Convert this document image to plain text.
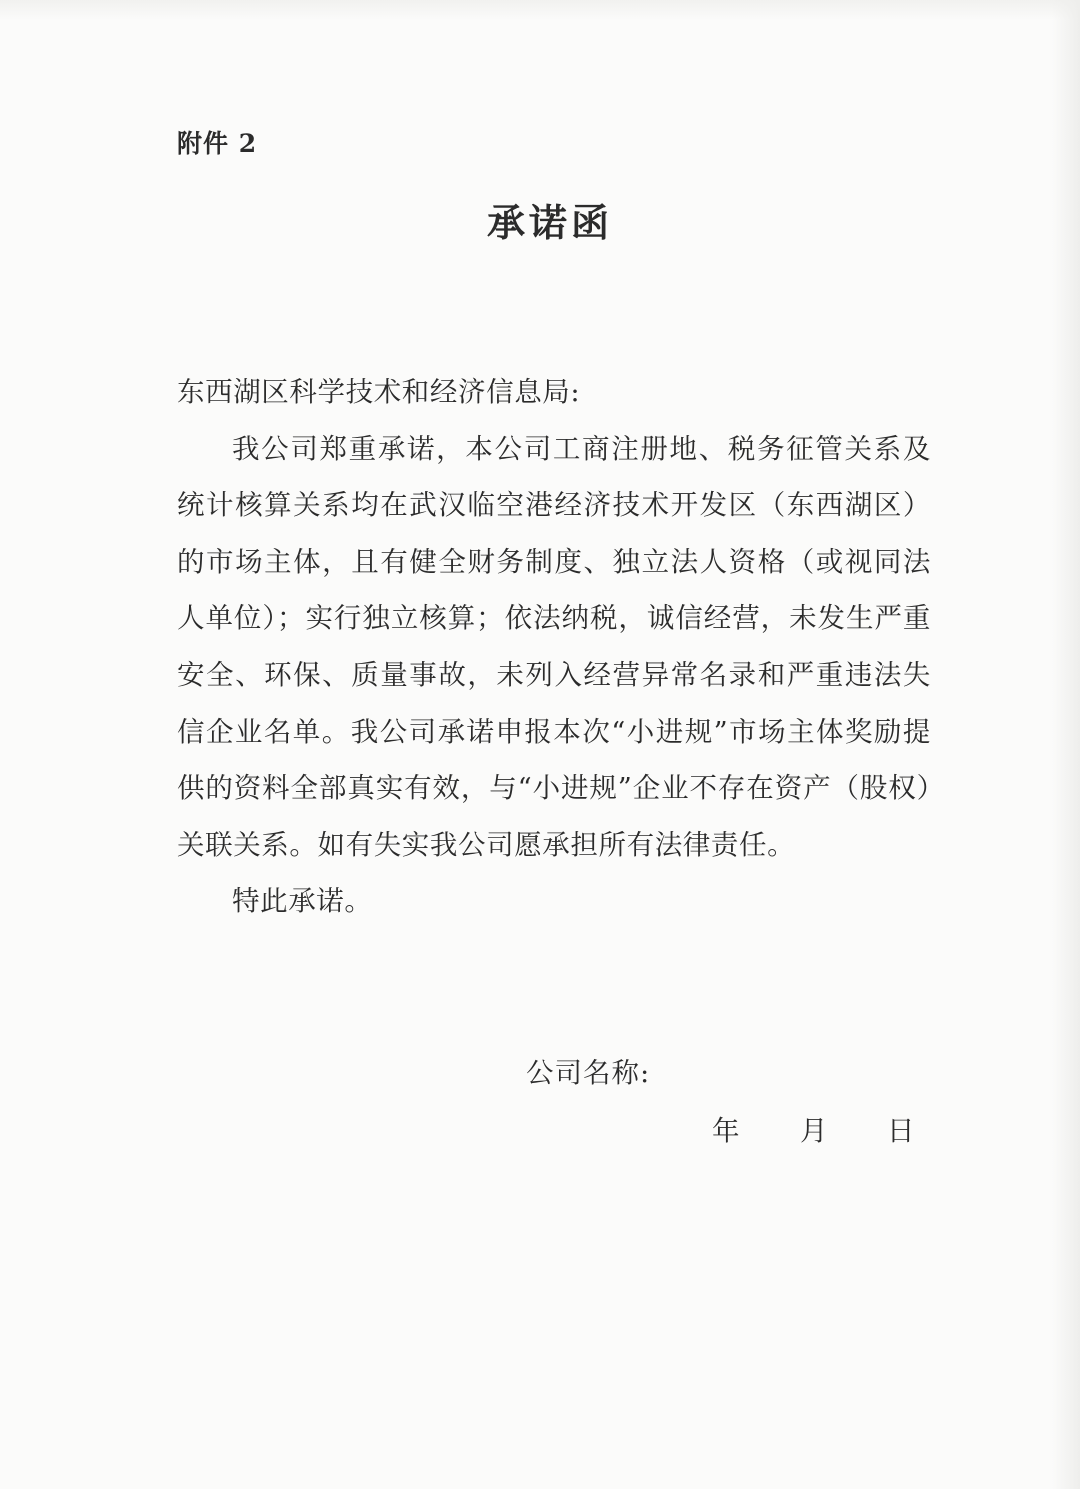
附件 2
承诺函

东西湖区科学技术和经济信息局:

我公司郑重承诺，本公司工商注册地、税务征管关系及统计核算关系均在武汉临空港经济技术开发区（东西湖区）的市场主体，且有健全财务制度、独立法人资格（或视同法人单位）；实行独立核算；依法纳税，诚信经营，未发生严重安全、环保、质量事故，未列入经营异常名录和严重违法失信企业名单。我公司承诺申报本次“小进规”市场主体奖励提供的资料全部真实有效，与“小进规”企业不存在资产（股权）关联关系。如有失实我公司愿承担所有法律责任。

特此承诺。

公司名称:
年 月 日
